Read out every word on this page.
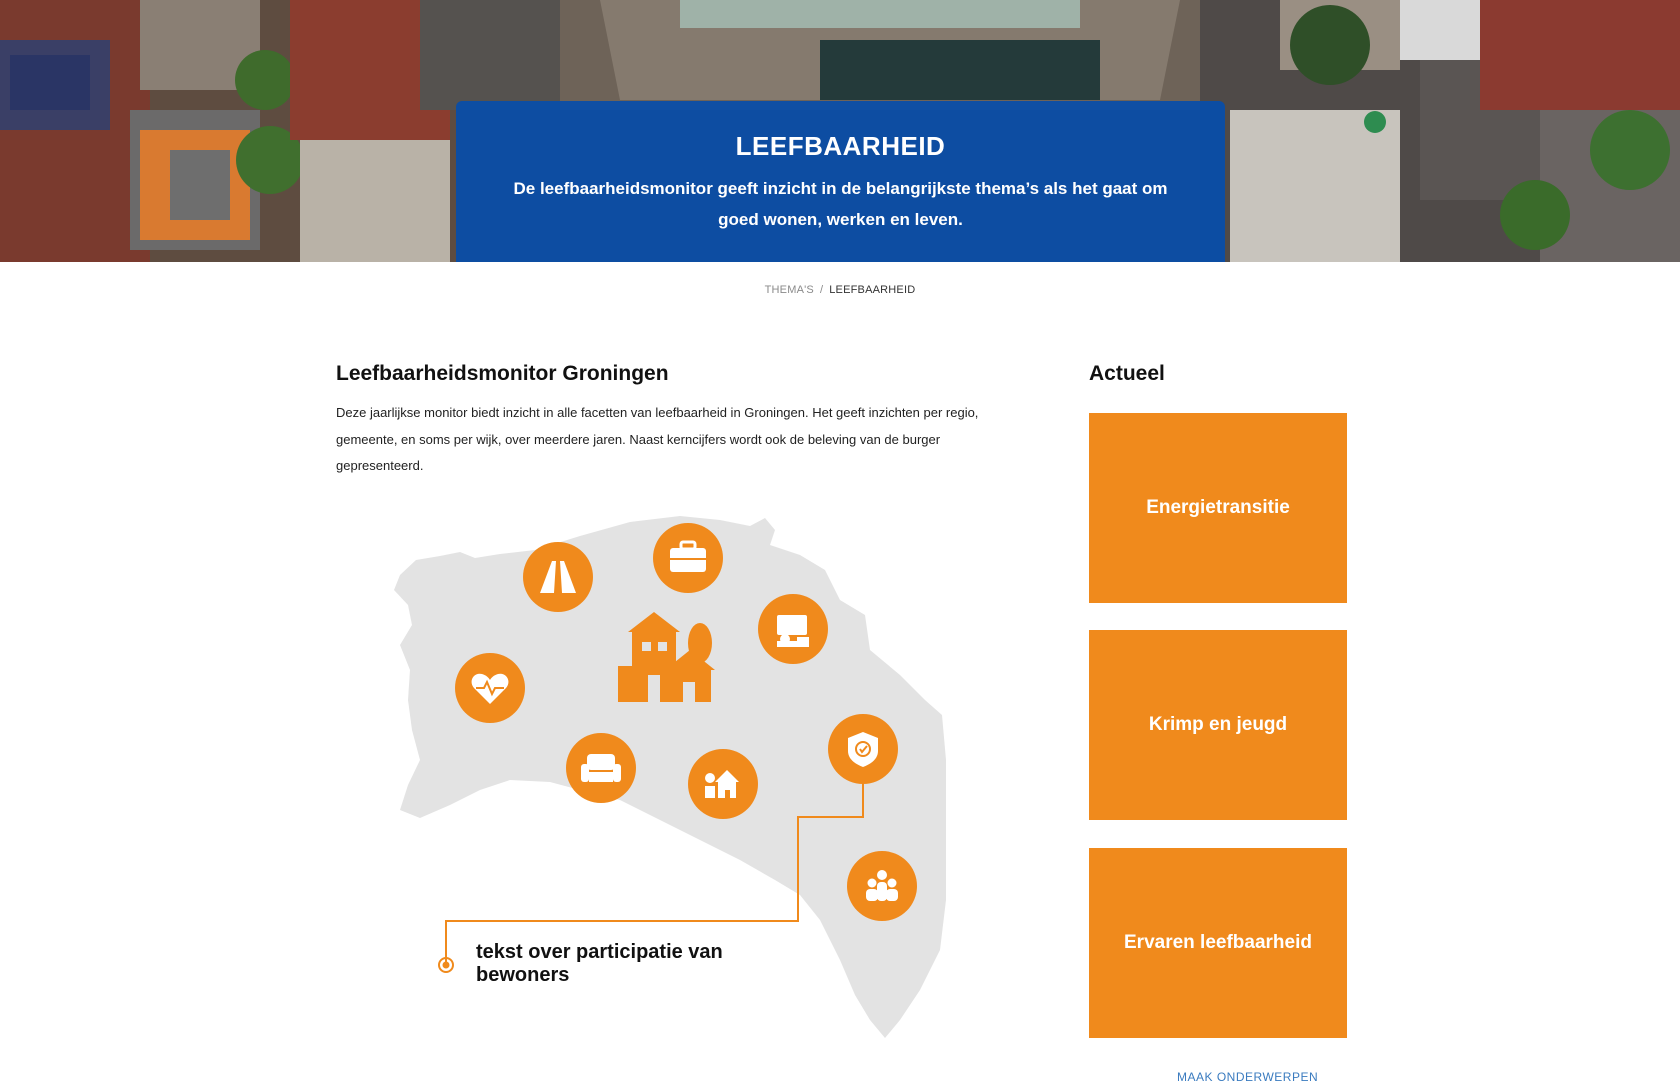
LEEFBAARHEID
De leefbaarheidsmonitor geeft inzicht in de belangrijkste thema’s als het gaat om goed wonen, werken en leven.
THEMA'S / LEEFBAARHEID
Leefbaarheidsmonitor Groningen

Deze jaarlijkse monitor biedt inzicht in alle facetten van leefbaarheid in Groningen. Het geeft inzichten per regio, gemeente, en soms per wijk, over meerdere jaren. Naast kerncijfers wordt ook de beleving van de burger gepresenteerd.

tekst over participatie van bewoners
Actueel
Energietransitie
Krimp en jeugd
Ervaren leefbaarheid
MAAK ONDERWERPEN
